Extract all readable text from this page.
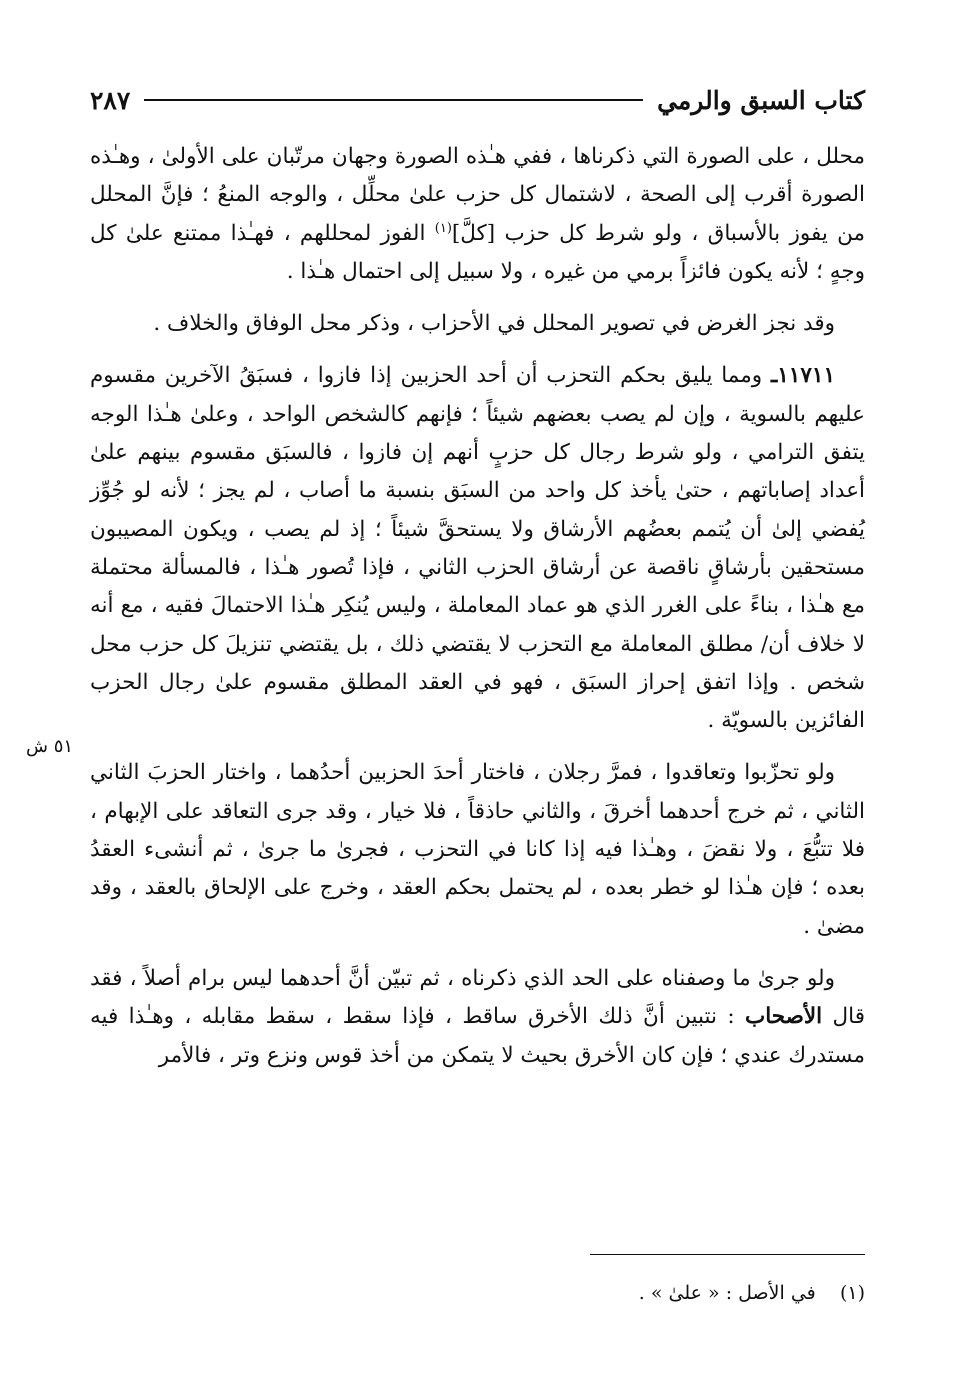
كتاب السبق والرمي
٢٨٧

محلل ، على الصورة التي ذكرناها ، ففي هـٰذه الصورة وجهان مرتّبان على الأولىٰ ، وهـٰذه الصورة أقرب إلى الصحة ، لاشتمال كل حزب علىٰ محلِّل ، والوجه المنعُ ؛ فإنَّ المحلل من يفوز بالأسباق ، ولو شرط كل حزب [كلَّ]$^{(١)}$ الفوز لمحللهم ، فهـٰذا ممتنع علىٰ كل وجهٍ ؛ لأنه يكون فائزاً برمي من غيره ، ولا سبيل إلى احتمال هـٰذا .

وقد نجز الغرض في تصوير المحلل في الأحزاب ، وذكر محل الوفاق والخلاف .

١١٧١١ـ ومما يليق بحكم التحزب أن أحد الحزبين إذا فازوا ، فسبَقُ الآخرين مقسوم عليهم بالسوية ، وإن لم يصب بعضهم شيئاً ؛ فإنهم كالشخص الواحد ، وعلىٰ هـٰذا الوجه يتفق الترامي ، ولو شرط رجال كل حزبٍ أنهم إن فازوا ، فالسبَق مقسوم بينهم علىٰ أعداد إصاباتهم ، حتىٰ يأخذ كل واحد من السبَق بنسبة ما أصاب ، لم يجز ؛ لأنه لو جُوِّز يُفضي إلىٰ أن يُتمم بعضُهم الأرشاق ولا يستحقَّ شيئاً ؛ إذ لم يصب ، ويكون المصيبون مستحقين بأرشاقٍ ناقصة عن أرشاق الحزب الثاني ، فإذا تُصور هـٰذا ، فالمسألة محتملة مع هـٰذا ، بناءً على الغرر الذي هو عماد المعاملة ، وليس يُنكِر هـٰذا الاحتمالَ فقيه ، مع أنه لا خلاف أن/ مطلق المعاملة مع التحزب لا يقتضي ذلك ، بل يقتضي تنزيلَ كل حزب محل شخص . وإذا اتفق إحراز السبَق ، فهو في العقد المطلق مقسوم علىٰ رجال الحزب الفائزين بالسويّة .

ولو تحزّبوا وتعاقدوا ، فمرَّ رجلان ، فاختار أحدَ الحزبين أحدُهما ، واختار الحزبَ الثاني الثاني ، ثم خرج أحدهما أخرقَ ، والثاني حاذقاً ، فلا خيار ، وقد جرى التعاقد على الإبهام ، فلا تتبُّعَ ، ولا نقضَ ، وهـٰذا فيه إذا كانا في التحزب ، فجرىٰ ما جرىٰ ، ثم أنشىء العقدُ بعده ؛ فإن هـٰذا لو خطر بعده ، لم يحتمل بحكم العقد ، وخرج على الإلحاق بالعقد ، وقد مضىٰ .

ولو جرىٰ ما وصفناه على الحد الذي ذكرناه ، ثم تبيّن أنَّ أحدهما ليس برام أصلاً ، فقد قال الأصحاب : نتبين أنَّ ذلك الأخرق ساقط ، فإذا سقط ، سقط مقابله ، وهـٰذا فيه مستدرك عندي ؛ فإن كان الأخرق بحيث لا يتمكن من أخذ قوس ونزع وتر ، فالأمر

٥١ ش
(١)    في الأصل : « علىٰ » .
